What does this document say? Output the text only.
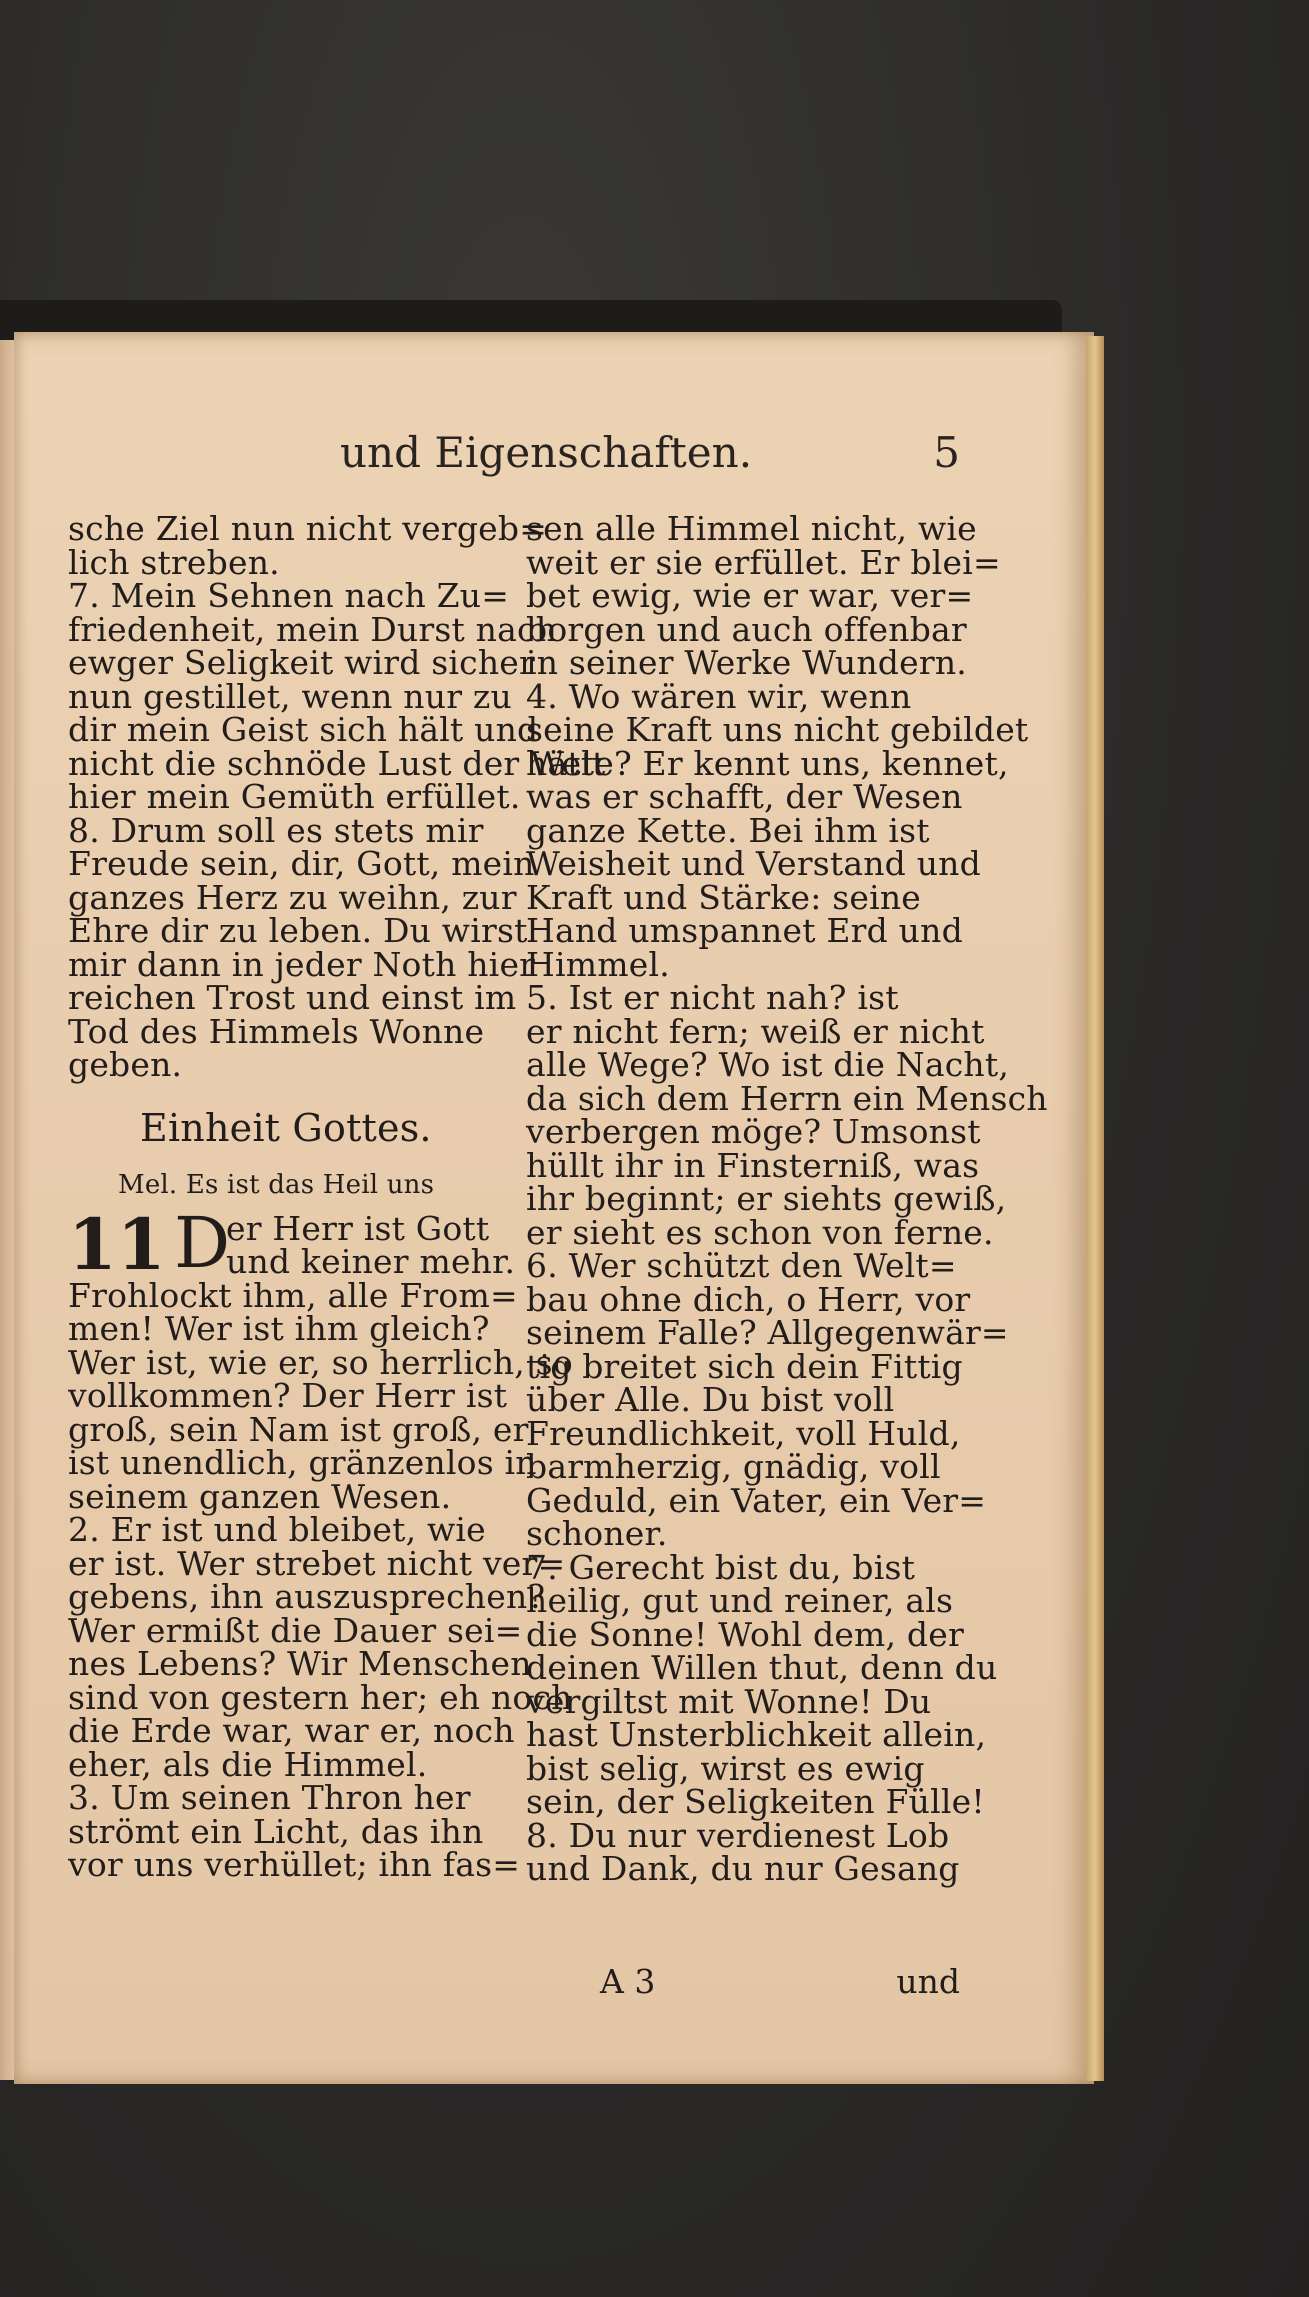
und Eigenschaften.	5
sche Ziel nun nicht vergeb=
lich streben.
7. Mein Sehnen nach Zu=
friedenheit, mein Durst nach
ewger Seligkeit wird sicher
nun gestillet, wenn nur zu
dir mein Geist sich hält und
nicht die schnöde Lust der Welt
hier mein Gemüth erfüllet.
8. Drum soll es stets mir
Freude sein, dir, Gott, mein
ganzes Herz zu weihn, zur
Ehre dir zu leben. Du wirst
mir dann in jeder Noth hier
reichen Trost und einst im
Tod des Himmels Wonne
geben.
Einheit Gottes.
Mel. Es ist das Heil uns
11 D
er Herr ist Gott
und keiner mehr.
Frohlockt ihm, alle From=
men! Wer ist ihm gleich?
Wer ist, wie er, so herrlich, so
vollkommen? Der Herr ist
groß, sein Nam ist groß, er
ist unendlich, gränzenlos in
seinem ganzen Wesen.
2. Er ist und bleibet, wie
er ist. Wer strebet nicht ver=
gebens, ihn auszusprechen?
Wer ermißt die Dauer sei=
nes Lebens? Wir Menschen
sind von gestern her; eh noch
die Erde war, war er, noch
eher, als die Himmel.
3. Um seinen Thron her
strömt ein Licht, das ihn
vor uns verhüllet; ihn fas=
sen alle Himmel nicht, wie
weit er sie erfüllet. Er blei=
bet ewig, wie er war, ver=
borgen und auch offenbar
in seiner Werke Wundern.
4. Wo wären wir, wenn
seine Kraft uns nicht gebildet
hätte? Er kennt uns, kennet,
was er schafft, der Wesen
ganze Kette. Bei ihm ist
Weisheit und Verstand und
Kraft und Stärke: seine
Hand umspannet Erd und
Himmel.
5. Ist er nicht nah? ist
er nicht fern; weiß er nicht
alle Wege? Wo ist die Nacht,
da sich dem Herrn ein Mensch
verbergen möge? Umsonst
hüllt ihr in Finsterniß, was
ihr beginnt; er siehts gewiß,
er sieht es schon von ferne.
6. Wer schützt den Welt=
bau ohne dich, o Herr, vor
seinem Falle? Allgegenwär=
tig breitet sich dein Fittig
über Alle. Du bist voll
Freundlichkeit, voll Huld,
barmherzig, gnädig, voll
Geduld, ein Vater, ein Ver=
schoner.
7. Gerecht bist du, bist
heilig, gut und reiner, als
die Sonne! Wohl dem, der
deinen Willen thut, denn du
vergiltst mit Wonne! Du
hast Unsterblichkeit allein,
bist selig, wirst es ewig
sein, der Seligkeiten Fülle!
8. Du nur verdienest Lob
und Dank, du nur Gesang
A 3	und
